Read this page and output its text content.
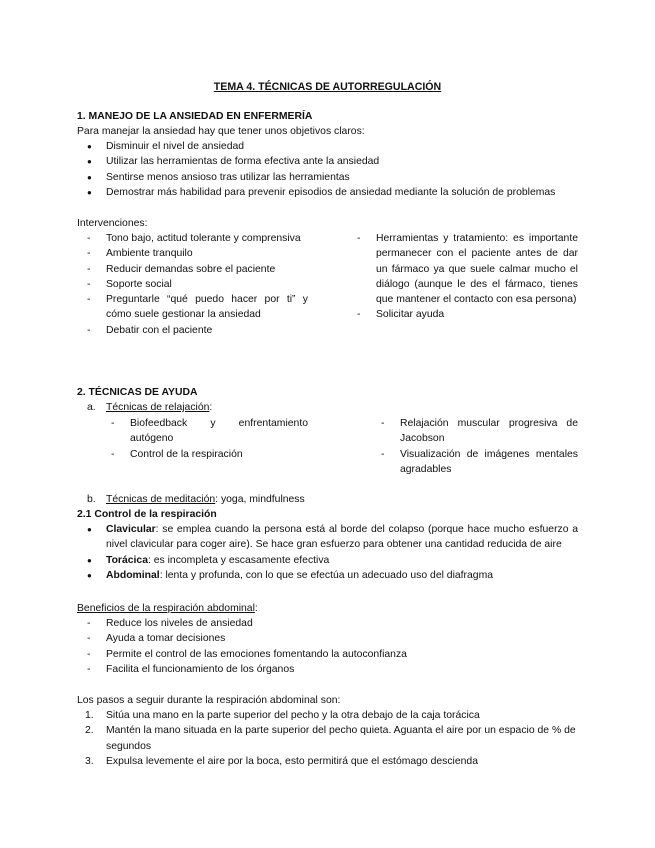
TEMA 4. TÉCNICAS DE AUTORREGULACIÓN
1. MANEJO DE LA ANSIEDAD EN ENFERMERÍA
Para manejar la ansiedad hay que tener unos objetivos claros:
● Disminuir el nivel de ansiedad
● Utilizar las herramientas de forma efectiva ante la ansiedad
● Sentirse menos ansioso tras utilizar las herramientas
● Demostrar más habilidad para prevenir episodios de ansiedad mediante la solución de problemas
Intervenciones:
- Tono bajo, actitud tolerante y comprensiva
- Ambiente tranquilo
- Reducir demandas sobre el paciente
- Soporte social
- Preguntarle “qué puedo hacer por ti” y cómo suele gestionar la ansiedad
- Debatir con el paciente
- Herramientas y tratamiento: es importante permanecer con el paciente antes de dar un fármaco ya que suele calmar mucho el diálogo (aunque le des el fármaco, tienes que mantener el contacto con esa persona)
- Solicitar ayuda
2. TÉCNICAS DE AYUDA
a. Técnicas de relajación:
- Biofeedback y enfrentamiento autógeno
- Control de la respiración
- Relajación muscular progresiva de Jacobson
- Visualización de imágenes mentales agradables
b. Técnicas de meditación: yoga, mindfulness
2.1 Control de la respiración
● Clavicular: se emplea cuando la persona está al borde del colapso (porque hace mucho esfuerzo a nivel clavicular para coger aire). Se hace gran esfuerzo para obtener una cantidad reducida de aire
● Torácica: es incompleta y escasamente efectiva
● Abdominal: lenta y profunda, con lo que se efectúa un adecuado uso del diafragma
Beneficios de la respiración abdominal:
- Reduce los niveles de ansiedad
- Ayuda a tomar decisiones
- Permite el control de las emociones fomentando la autoconfianza
- Facilita el funcionamiento de los órganos
Los pasos a seguir durante la respiración abdominal son:
1. Sitúa una mano en la parte superior del pecho y la otra debajo de la caja torácica
2. Mantén la mano situada en la parte superior del pecho quieta. Aguanta el aire por un espacio de % de segundos
3. Expulsa levemente el aire por la boca, esto permitirá que el estómago descienda
